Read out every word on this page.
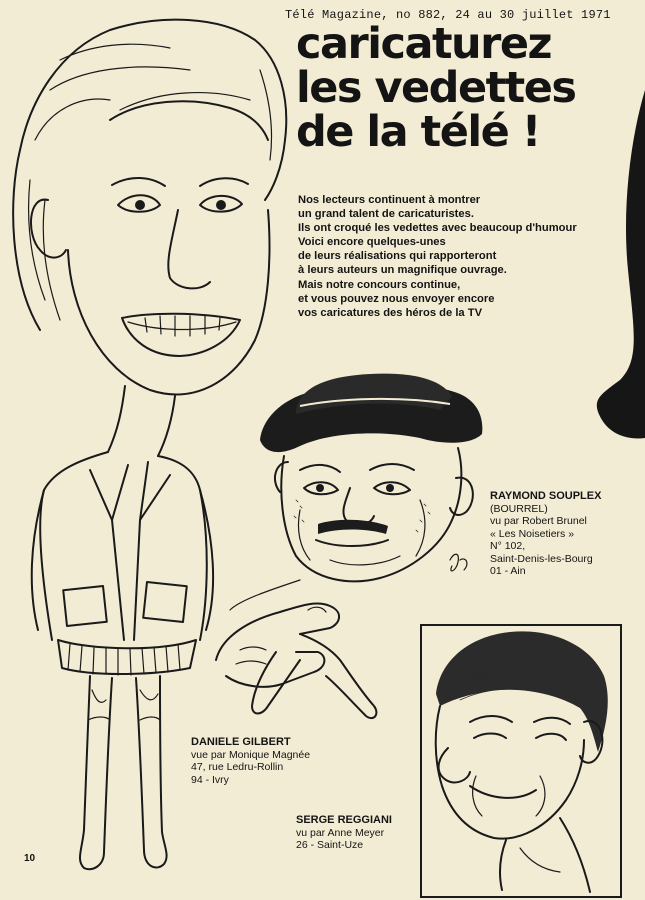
Télé Magazine, no 882, 24 au 30 juillet 1971
caricaturez
les vedettes
de la télé !
Nos lecteurs continuent à montrer
un grand talent de caricaturistes.
Ils ont croqué les vedettes avec beaucoup d'humour
Voici encore quelques-unes
de leurs réalisations qui rapporteront
à leurs auteurs un magnifique ouvrage.
Mais notre concours continue,
et vous pouvez nous envoyer encore
vos caricatures des héros de la TV
RAYMOND SOUPLEX
(BOURREL)
vu par Robert Brunel
« Les Noisetiers »
N° 102,
Saint-Denis-les-Bourg
01 - Ain
DANIELE GILBERT
vue par Monique Magnée
47, rue Ledru-Rollin
94 - Ivry
SERGE REGGIANI
vu par Anne Meyer
26 - Saint-Uze
10
